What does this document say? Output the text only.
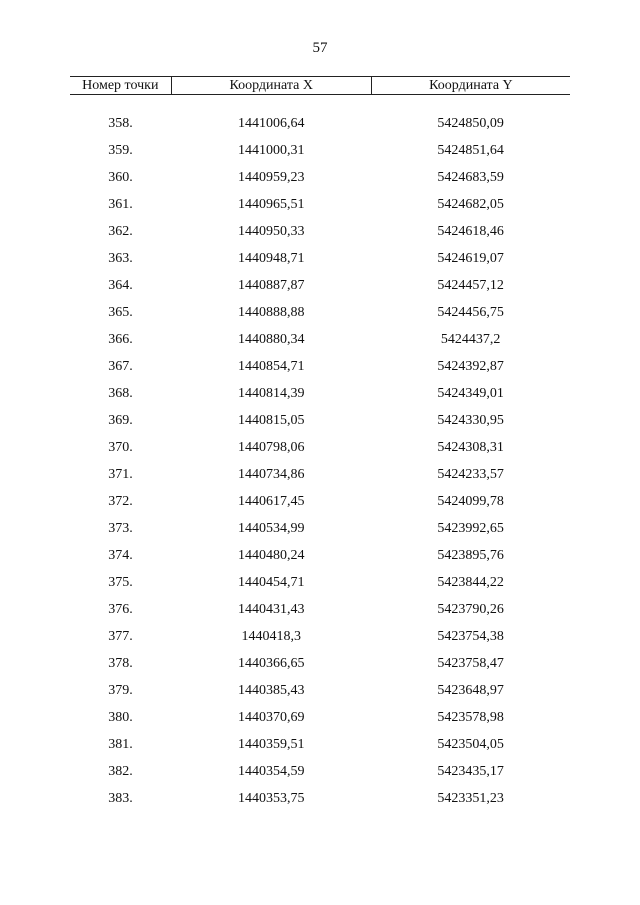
57
Номер точки	Координата X	Координата Y

358.	1441006,64	5424850,09
359.	1441000,31	5424851,64
360.	1440959,23	5424683,59
361.	1440965,51	5424682,05
362.	1440950,33	5424618,46
363.	1440948,71	5424619,07
364.	1440887,87	5424457,12
365.	1440888,88	5424456,75
366.	1440880,34	5424437,2
367.	1440854,71	5424392,87
368.	1440814,39	5424349,01
369.	1440815,05	5424330,95
370.	1440798,06	5424308,31
371.	1440734,86	5424233,57
372.	1440617,45	5424099,78
373.	1440534,99	5423992,65
374.	1440480,24	5423895,76
375.	1440454,71	5423844,22
376.	1440431,43	5423790,26
377.	1440418,3	5423754,38
378.	1440366,65	5423758,47
379.	1440385,43	5423648,97
380.	1440370,69	5423578,98
381.	1440359,51	5423504,05
382.	1440354,59	5423435,17
383.	1440353,75	5423351,23
